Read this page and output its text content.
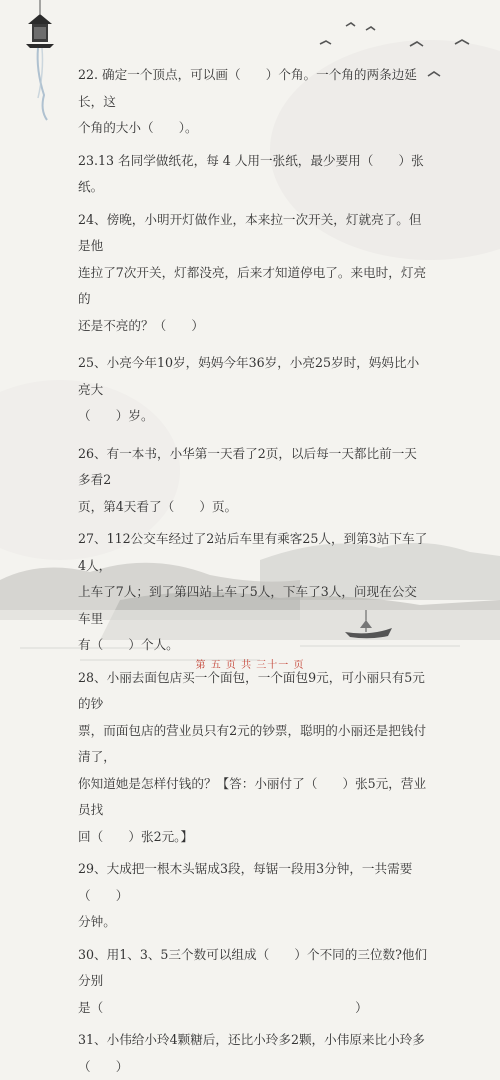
22. 确定一个顶点，可以画（　　）个角。一个角的两条边延长，这

个角的大小（　　）。

23.13 名同学做纸花，每 4 人用一张纸，最少要用（　　）张纸。

24、傍晚，小明开灯做作业，本来拉一次开关，灯就亮了。但是他

连拉了7次开关，灯都没亮，后来才知道停电了。来电时，灯亮的

还是不亮的？（　　）

25、小亮今年10岁，妈妈今年36岁，小亮25岁时，妈妈比小亮大

（　　）岁。

26、有一本书，小华第一天看了2页，以后每一天都比前一天多看2

页，第4天看了（　　）页。

27、112公交车经过了2站后车里有乘客25人，到第3站下车了4人，

上车了7人；到了第四站上车了5人，下车了3人，问现在公交车里

有（　　）个人。

28、小丽去面包店买一个面包，一个面包9元，可小丽只有5元的钞

票，而面包店的营业员只有2元的钞票，聪明的小丽还是把钱付清了，

你知道她是怎样付钱的？【答：小丽付了（　　）张5元，营业员找

回（　　）张2元。】

29、大成把一根木头锯成3段，每锯一段用3分钟，一共需要（　　）

分钟。

30、用1、3、5三个数可以组成（　　）个不同的三位数?他们分别

是（　　　　　　　　　　　　　　　　　　　　）

31、小伟给小玲4颗糖后，还比小玲多2颗，小伟原来比小玲多（　　）

第 五 页 共 三十一 页
